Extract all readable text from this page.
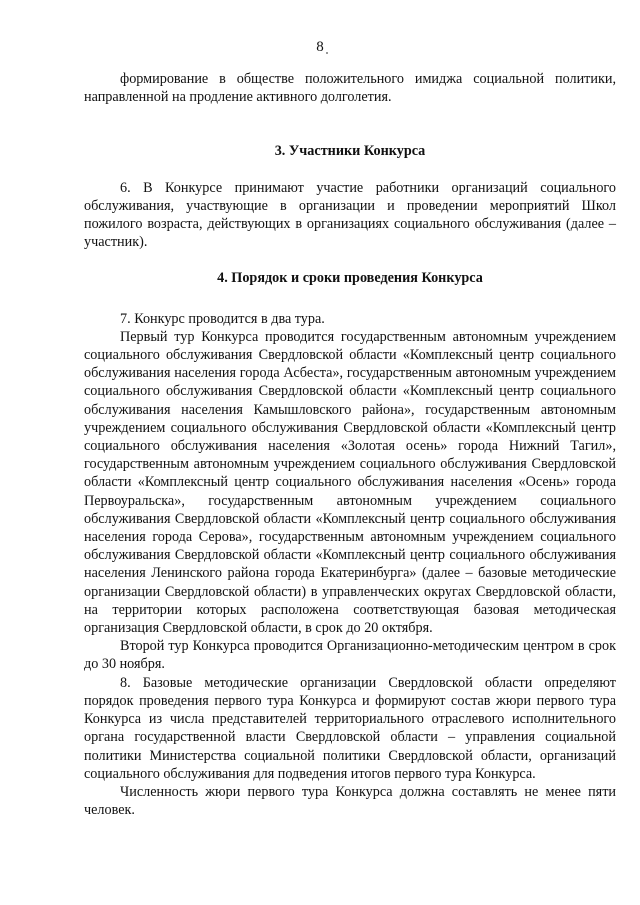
8

формирование в обществе положительного имиджа социальной политики, направленной на продление активного долголетия.

3. Участники Конкурса

6. В Конкурсе принимают участие работники организаций социального обслуживания, участвующие в организации и проведении мероприятий Школ пожилого возраста, действующих в организациях социального обслуживания (далее – участник).

4. Порядок и сроки проведения Конкурса

7. Конкурс проводится в два тура.

Первый тур Конкурса проводится государственным автономным учреждением социального обслуживания Свердловской области «Комплексный центр социального обслуживания населения города Асбеста», государственным автономным учреждением социального обслуживания Свердловской области «Комплексный центр социального обслуживания населения Камышловского района», государственным автономным учреждением социального обслуживания Свердловской области «Комплексный центр социального обслуживания населения «Золотая осень» города Нижний Тагил», государственным автономным учреждением социального обслуживания Свердловской области «Комплексный центр социального обслуживания населения «Осень» города Первоуральска», государственным автономным учреждением социального обслуживания Свердловской области «Комплексный центр социального обслуживания населения города Серова», государственным автономным учреждением социального обслуживания Свердловской области «Комплексный центр социального обслуживания населения Ленинского района города Екатеринбурга» (далее – базовые методические организации Свердловской области) в управленческих округах Свердловской области, на территории которых расположена соответствующая базовая методическая организация Свердловской области, в срок до 20 октября.

Второй тур Конкурса проводится Организационно-методическим центром в срок до 30 ноября.

8. Базовые методические организации Свердловской области определяют порядок проведения первого тура Конкурса и формируют состав жюри первого тура Конкурса из числа представителей территориального отраслевого исполнительного органа государственной власти Свердловской области – управления социальной политики Министерства социальной политики Свердловской области, организаций социального обслуживания для подведения итогов первого тура Конкурса.

Численность жюри первого тура Конкурса должна составлять не менее пяти человек.
